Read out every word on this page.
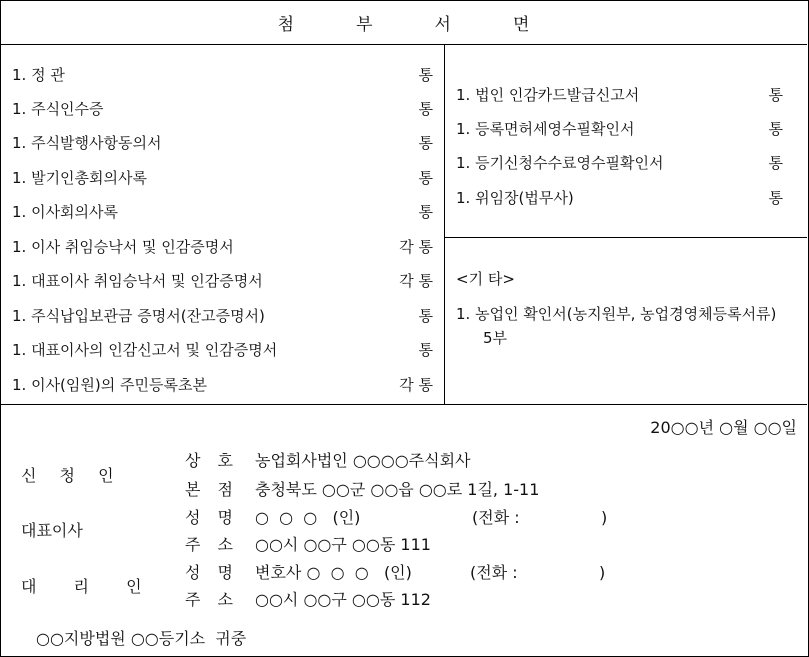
첨	부	서	면
1. 정 관	통
1. 주식인수증	통
1. 주식발행사항동의서	통
1. 발기인총회의사록	통
1. 이사회의사록	통
1. 이사 취임승낙서 및 인감증명서	각 통
1. 대표이사 취임승낙서 및 인감증명서	각 통
1. 주식납입보관금 증명서(잔고증명서)	통
1. 대표이사의 인감신고서 및 인감증명서	통
1. 이사(임원)의 주민등록초본	각 통
1. 법인 인감카드발급신고서	통
1. 등록면허세영수필확인서	통
1. 등기신청수수료영수필확인서	통
1. 위임장(법무사)	통
<기 타>
1. 농업인 확인서(농지원부, 농업경영체등록서류)
5부
20○○년 ○월 ○○일
신 청 인
상 호 농업회사법인 ○○○○주식회사
본 점 충청북도 ○○군 ○○읍 ○○로 1길, 1-11
대표이사
성 명 ○  ○  ○   (인)	(전화 :                )
주 소 ○○시 ○○구 ○○동 111
대 리 인
성 명 변호사 ○  ○  ○   (인)	(전화 :                )
주 소 ○○시 ○○구 ○○동 112
○○지방법원 ○○등기소  귀중
